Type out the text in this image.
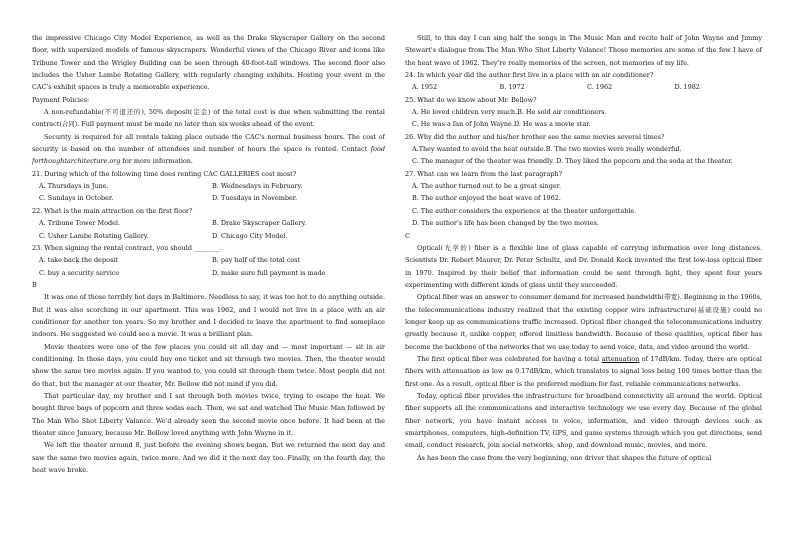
the impressive Chicago City Model Experience, as well as the Drake Skyscraper Gallery on the second floor, with supersized models of famous skyscrapers. Wonderful views of the Chicago River and icons like Tribune Tower and the Wrigley Building can be seen through 40-foot-tall windows. The second floor also includes the Usher Lambe Rotating Gallery, with regularly changing exhibits. Hosting your event in the CAC's exhibit spaces is truly a memorable experience.

Payment Policies:

A non-refundable(不可退还的), 50% deposit(定金) of the total cost is due when submitting the rental contract(合同). Full payment must be made no later than six weeks ahead of the event.

Security is required for all rentals taking place outside the CAC's normal business hours. The cost of security is based on the number of attendees and number of hours the space is rented. Contact food forthoughtarchitecture.org for more information.

21. During which of the following time does renting CAC GALLERIES cost most?

A. Thursdays in June.	B. Wednesdays in February.
C. Sundays in October.	D. Tuesdays in November.

22. What is the main attraction on the first floor?

A. Tribune Tower Model.	B. Drake Skyscraper Gallery.
C. Usher Lambe Rotating Gallery.	D. Chicago City Model.

23. When signing the rental contract, you should ________.

A. take back the deposit	B. pay half of the total cost
C. buy a security service	D. make sure full payment is made

B

It was one of those terribly hot days in Baltimore. Needless to say, it was too hot to do anything outside. But it was also scorching in our apartment. This was 1962, and I would not live in a place with an air conditioner for another ten years. So my brother and I decided to leave the apartment to find someplace indoors. He suggested we could see a movie. It was a brilliant plan.

Movie theaters were one of the few places you could sit all day and — most important — sit in air conditioning. In those days, you could buy one ticket and sit through two movies. Then, the theater would show the same two movies again. If you wanted to, you could sit through them twice. Most people did not do that, but the manager at our theater, Mr. Bellow did not mind if you did.

That particular day, my brother and I sat through both movies twice, trying to escape the heat. We bought three bags of popcorn and three sodas each. Then, we sat and watched The Music Man followed by The Man Who Shot Liberty Valance. We'd already seen the second movie once before. It had been at the theater since January, because Mr. Bellow loved anything with John Wayne in it.

We left the theater around 8, just before the evening shows began. But we returned the next day and saw the same two movies again, twice more. And we did it the next day too. Finally, on the fourth day, the heat wave broke.

Still, to this day I can sing half the songs in The Music Man and recite half of John Wayne and Jimmy Stewart's dialogue from The Man Who Shot Liberty Valance! Those memories are some of the few I have of the heat wave of 1962. They're really memories of the screen, not memories of my life.

24. In which year did the author first live in a place with an air conditioner?

A. 1952	B. 1972	C. 1962	D. 1982

25. What do we know about Mr. Bellow?

A. He loved children very much.B. He sold air conditioners.

C. He was a fan of John Wayne.D. He was a movie star.

26. Why did the author and his/her brother see the same movies several times?

A.They wanted to avoid the heat outside.B. The two movies were really wonderful.

C. The manager of the theater was friendly. D. They liked the popcorn and the soda at the theater.

27. What can we learn from the last paragraph?

A. The author turned out to be a great singer.

B. The author enjoyed the heat wave of 1962.

C. The author considers the experience at the theater unforgettable.

D. The author's life has been changed by the two movies.

C

Optical(光学的) fiber is a flexible line of glass capable of carrying information over long distances. Scientists Dr. Robert Maurer, Dr. Peter Schultz, and Dr. Donald Keck invented the first low-loss optical fiber in 1970. Inspired by their belief that information could be sent through light, they spent four years experimenting with different kinds of glass until they succeeded.

Optical fiber was an answer to consumer demand for increased bandwidth(带宽). Beginning in the 1960s, the telecommunications industry realized that the existing copper wire infrastructure(基础设施) could no longer keep up as communications traffic increased. Optical fiber changed the telecommunications industry greatly because it, unlike copper, offered limitless bandwidth. Because of those qualities, optical fiber has become the backbone of the networks that we use today to send voice, data, and video around the world.

The first optical fiber was celebrated for having a total attenuation of 17dB/km. Today, there are optical fibers with attenuation as low as 0.17dB/km, which translates to signal loss being 100 times better than the first one. As a result, optical fiber is the preferred medium for fast, reliable communications networks.

Today, optical fiber provides the infrastructure for broadband connectivity all around the world. Optical fiber supports all the communications and interactive technology we use every day. Because of the global fiber network, you have instant access to voice, information, and video through devices such as smartphones, computers, high-definition TV, GPS, and game systems through which you get directions, send email, conduct research, join social networks, shop, and download music, movies, and more.

As has been the case from the very beginning, one driver that shapes the future of optical
